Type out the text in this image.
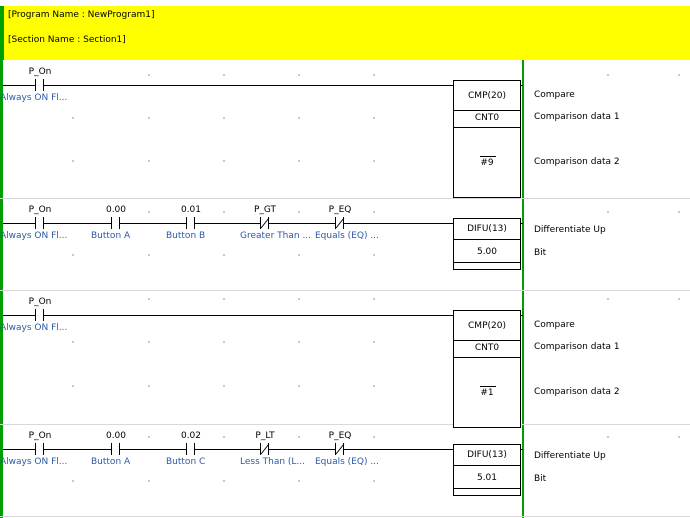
[Program Name : NewProgram1]
[Section Name : Section1]
P_On
Always ON Fl...	CMP(20)
CNT0
#9
Compare
Comparison data 1
Comparison data 2
P_On
Always ON Fl...
0.00
Button A
0.01
Button B
P_GT
Greater Than ...
P_EQ
Equals (EQ) ...
DIFU(13)
5.00
Differentiate Up
Bit
P_On
Always ON Fl...	CMP(20)
CNT0
#1
Compare
Comparison data 1
Comparison data 2
P_On
Always ON Fl...
0.00
Button A
0.02
Button C
P_LT
Less Than (L...
P_EQ
Equals (EQ) ...
DIFU(13)
5.01
Differentiate Up
Bit
